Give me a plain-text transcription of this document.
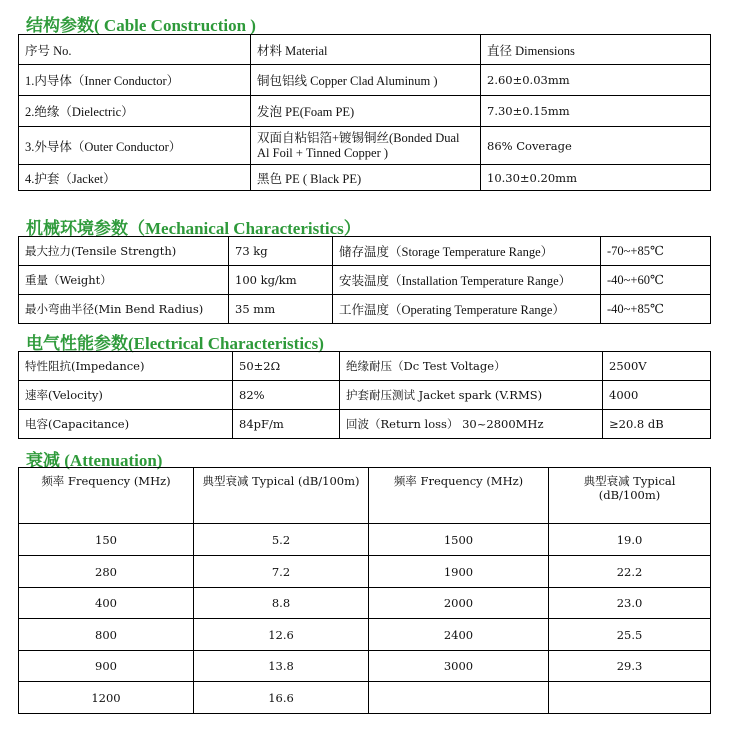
结构参数( Cable Construction )
序号 No.	材料 Material	直径 Dimensions
1.内导体（Inner Conductor）	铜包铝线 Copper Clad Aluminum )	2.60±0.03mm
2.绝缘（Dielectric）	发泡 PE(Foam PE)	7.30±0.15mm
3.外导体（Outer Conductor）	双面自粘铝箔+镀锡铜丝(Bonded Dual Al Foil + Tinned Copper )	86% Coverage
4.护套（Jacket）	黑色 PE ( Black PE)	10.30±0.20mm
机械环境参数（Mechanical Characteristics）
最大拉力(Tensile Strength)	73 kg	储存温度（Storage Temperature Range）	-70~+85℃
重量（Weight）	100 kg/km	安装温度（Installation Temperature Range）	-40~+60℃
最小弯曲半径(Min Bend Radius)	35 mm	工作温度（Operating Temperature Range）	-40~+85℃
电气性能参数(Electrical Characteristics)
特性阻抗(Impedance)	50±2Ω	绝缘耐压（Dc Test Voltage）	2500V
速率(Velocity)	82%	护套耐压测试 Jacket spark (V.RMS)	4000
电容(Capacitance)	84pF/m	回波（Return loss） 30~2800MHz	≥20.8 dB
衰减 (Attenuation)
频率 Frequency (MHz)	典型衰减 Typical (dB/100m)	频率 Frequency (MHz)	典型衰减 Typical (dB/100m)
150	5.2	1500	19.0
280	7.2	1900	22.2
400	8.8	2000	23.0
800	12.6	2400	25.5
900	13.8	3000	29.3
1200	16.6		
